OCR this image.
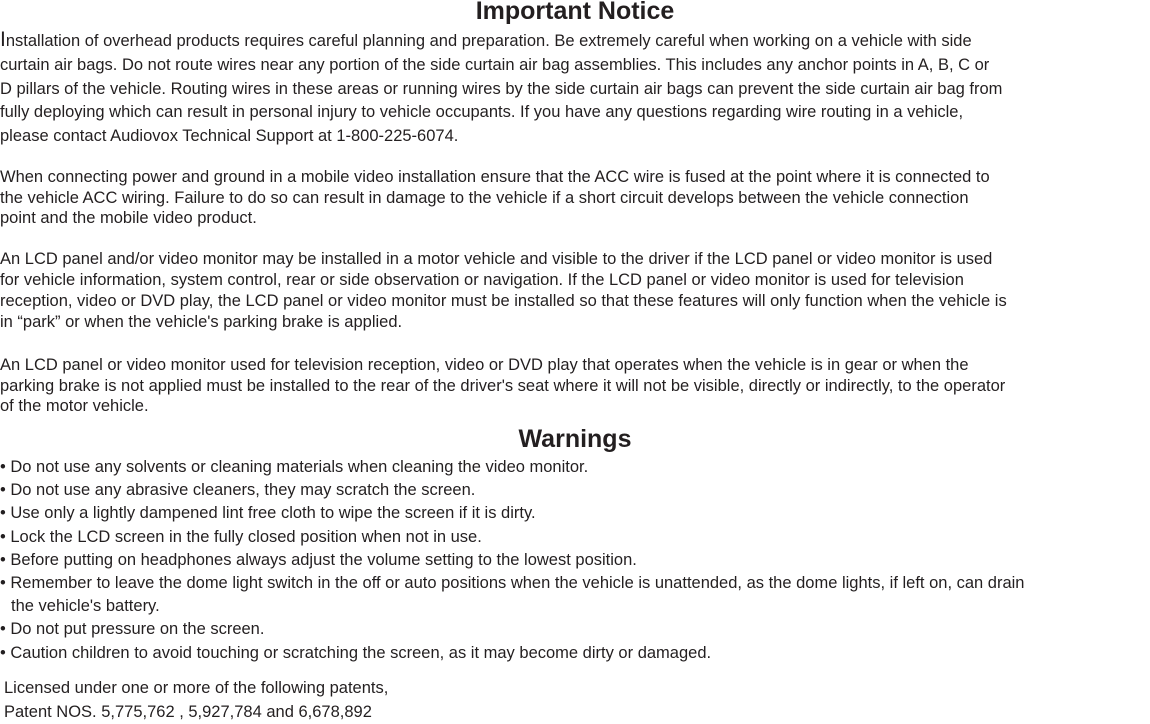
Important Notice

Installation of overhead products requires careful planning and preparation. Be extremely careful when working on a vehicle with side
curtain air bags. Do not route wires near any portion of the side curtain air bag assemblies. This includes any anchor points in A, B, C or
D pillars of the vehicle. Routing wires in these areas or running wires by the side curtain air bags can prevent the side curtain air bag from
fully deploying which can result in personal injury to vehicle occupants. If you have any questions regarding wire routing in a vehicle,
please contact Audiovox Technical Support at 1-800-225-6074.

When connecting power and ground in a mobile video installation ensure that the ACC wire is fused at the point where it is connected to
the vehicle ACC wiring. Failure to do so can result in damage to the vehicle if a short circuit develops between the vehicle connection
point and the mobile video product.

An LCD panel and/or video monitor may be installed in a motor vehicle and visible to the driver if the LCD panel or video monitor is used
for vehicle information, system control, rear or side observation or navigation. If the LCD panel or video monitor is used for television
reception, video or DVD play, the LCD panel or video monitor must be installed so that these features will only function when the vehicle is
in “park” or when the vehicle's parking brake is applied.

An LCD panel or video monitor used for television reception, video or DVD play that operates when the vehicle is in gear or when the
parking brake is not applied must be installed to the rear of the driver's seat where it will not be visible, directly or indirectly, to the operator
of the motor vehicle.

Warnings
• Do not use any solvents or cleaning materials when cleaning the video monitor.
• Do not use any abrasive cleaners, they may scratch the screen.
• Use only a lightly dampened lint free cloth to wipe the screen if it is dirty.
• Lock the LCD screen in the fully closed position when not in use.
• Before putting on headphones always adjust the volume setting to the lowest position.
• Remember to leave the dome light switch in the off or auto positions when the vehicle is unattended, as the dome lights, if left on, can drain
the vehicle's battery.
• Do not put pressure on the screen.
• Caution children to avoid touching or scratching the screen, as it may become dirty or damaged.

Licensed under one or more of the following patents,
Patent NOS. 5,775,762 , 5,927,784 and 6,678,892
